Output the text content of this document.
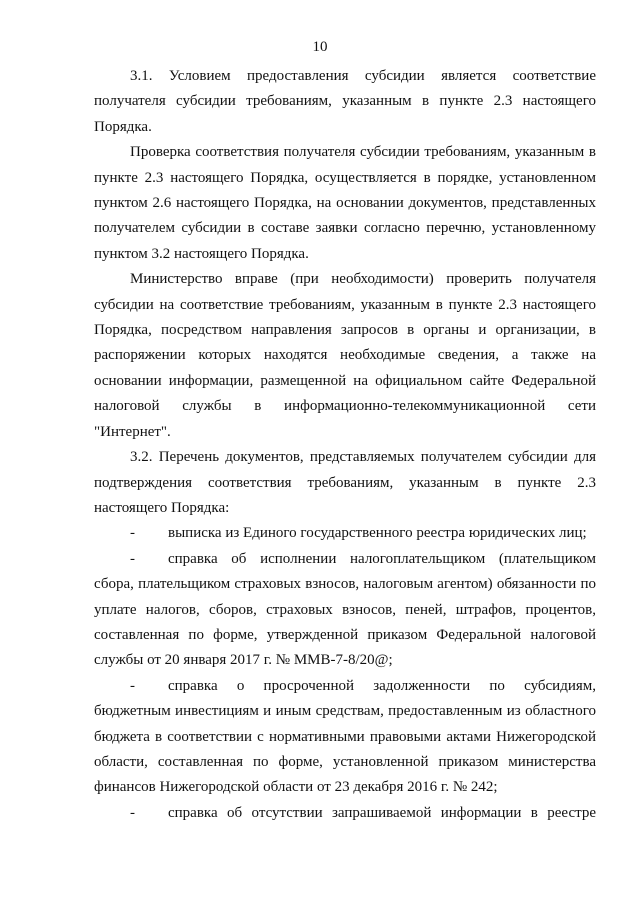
10

3.1. Условием предоставления субсидии является соответствие получателя субсидии требованиям, указанным в пункте 2.3 настоящего Порядка.

Проверка соответствия получателя субсидии требованиям, указанным в пункте 2.3 настоящего Порядка, осуществляется в порядке, установленном пунктом 2.6 настоящего Порядка, на основании документов, представленных получателем субсидии в составе заявки согласно перечню, установленному пунктом 3.2 настоящего Порядка.

Министерство вправе (при необходимости) проверить получателя субсидии на соответствие требованиям, указанным в пункте 2.3 настоящего Порядка, посредством направления запросов в органы и организации, в распоряжении которых находятся необходимые сведения, а также на основании информации, размещенной на официальном сайте Федеральной налоговой службы в информационно-телекоммуникационной сети "Интернет".

3.2. Перечень документов, представляемых получателем субсидии для подтверждения соответствия требованиям, указанным в пункте 2.3 настоящего Порядка:

- выписка из Единого государственного реестра юридических лиц;
- справка об исполнении налогоплательщиком (плательщиком сбора, плательщиком страховых взносов, налоговым агентом) обязанности по уплате налогов, сборов, страховых взносов, пеней, штрафов, процентов, составленная по форме, утвержденной приказом Федеральной налоговой службы от 20 января 2017 г. № ММВ-7-8/20@;
- справка о просроченной задолженности по субсидиям, бюджетным инвестициям и иным средствам, предоставленным из областного бюджета в соответствии с нормативными правовыми актами Нижегородской области, составленная по форме, установленной приказом министерства финансов Нижегородской области от 23 декабря 2016 г. № 242;
- справка об отсутствии запрашиваемой информации в реестре
